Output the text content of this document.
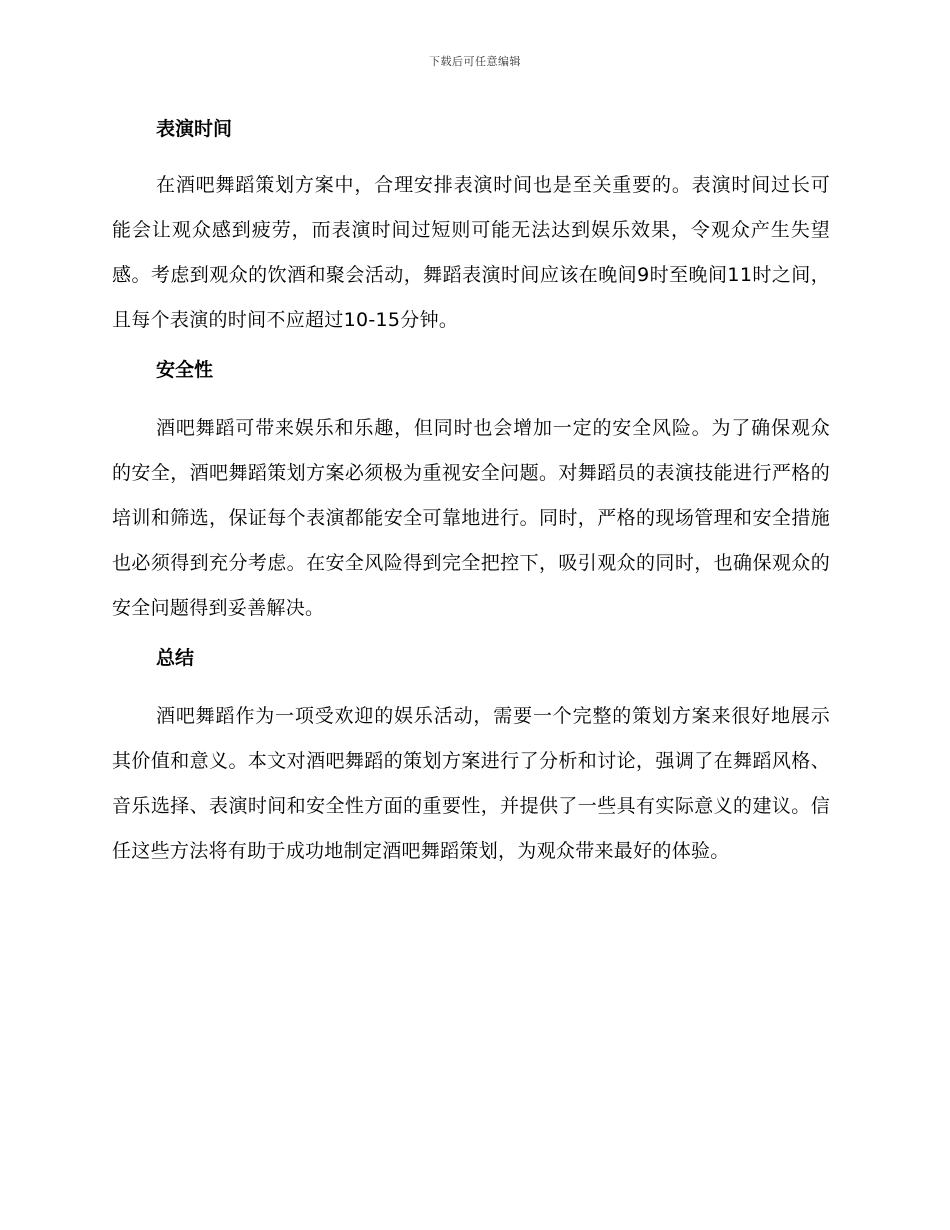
下载后可任意编辑
表演时间

在酒吧舞蹈策划方案中，合理安排表演时间也是至关重要的。表演时间过长可能会让观众感到疲劳，而表演时间过短则可能无法达到娱乐效果，令观众产生失望感。考虑到观众的饮酒和聚会活动，舞蹈表演时间应该在晚间9时至晚间11时之间，且每个表演的时间不应超过10-15分钟。

安全性

酒吧舞蹈可带来娱乐和乐趣，但同时也会增加一定的安全风险。为了确保观众的安全，酒吧舞蹈策划方案必须极为重视安全问题。对舞蹈员的表演技能进行严格的培训和筛选，保证每个表演都能安全可靠地进行。同时，严格的现场管理和安全措施也必须得到充分考虑。在安全风险得到完全把控下，吸引观众的同时，也确保观众的安全问题得到妥善解决。

总结

酒吧舞蹈作为一项受欢迎的娱乐活动，需要一个完整的策划方案来很好地展示其价值和意义。本文对酒吧舞蹈的策划方案进行了分析和讨论，强调了在舞蹈风格、音乐选择、表演时间和安全性方面的重要性，并提供了一些具有实际意义的建议。信任这些方法将有助于成功地制定酒吧舞蹈策划，为观众带来最好的体验。
